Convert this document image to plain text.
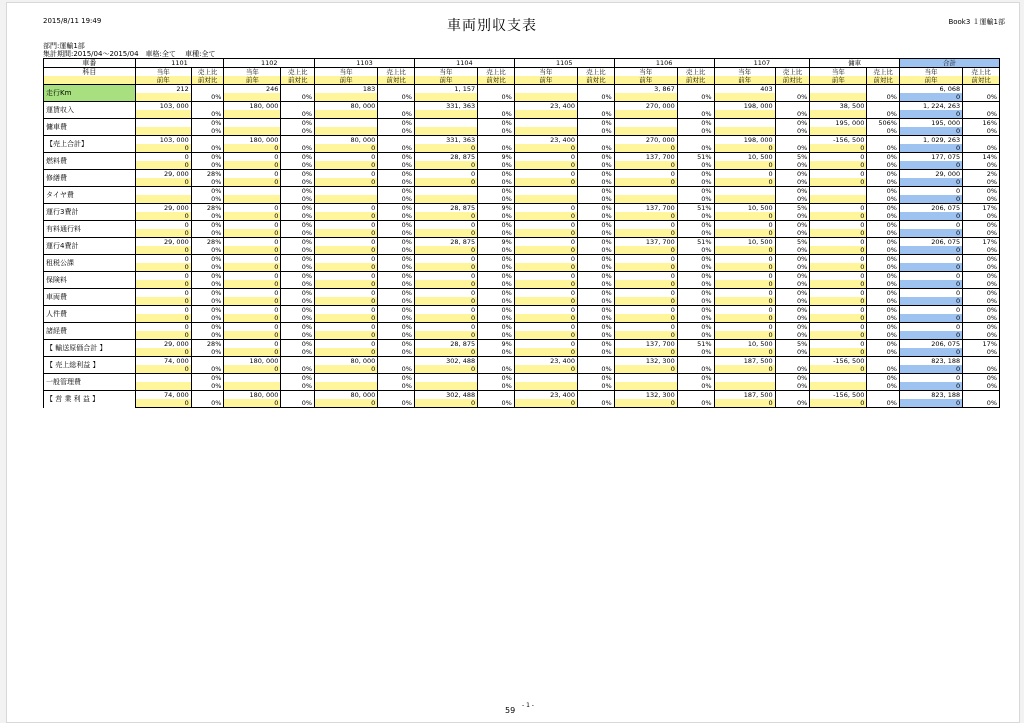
2015/8/11 19:49	車両別収支表	Book3 １運輸1部
部門:運輸1部
集計期間:2015/04～2015/04　車格:全て　 車種:全て
車番	1101		1102		1103		1104		1105		1106		1107		傭車		合計	
科目	当年	売上比	当年	売上比	当年	売上比	当年	売上比	当年	売上比	当年	売上比	当年	売上比	当年	売上比	当年	売上比
	前年	前対比	前年	前対比	前年	前対比	前年	前対比	前年	前対比	前年	前対比	前年	前対比	前年	前対比	前年	前対比
走行Km	212		246		183		1, 157				3, 867		403				6, 068	
		0%		0%		0%		0%		0%		0%		0%		0%	0	0%
運賃収入	103, 000		180, 000		80, 000		331, 363		23, 400		270, 000		198, 000		38, 500		1, 224, 263	
		0%		0%		0%		0%		0%		0%		0%		0%	0	0%
傭車費		0%		0%		0%		0%		0%		0%		0%	195, 000	506%	195, 000	16%
		0%		0%		0%		0%		0%		0%		0%		0%	0	0%
【売上合計】	103, 000		180, 000		80, 000		331, 363		23, 400		270, 000		198, 000		-156, 500		1, 029, 263	
	0	0%	0	0%	0	0%	0	0%	0	0%	0	0%	0	0%	0	0%	0	0%
燃料費	0	0%	0	0%	0	0%	28, 875	9%	0	0%	137, 700	51%	10, 500	5%	0	0%	177, 075	14%
	0	0%	0	0%	0	0%	0	0%	0	0%	0	0%	0	0%	0	0%	0	0%
修繕費	29, 000	28%	0	0%	0	0%	0	0%	0	0%	0	0%	0	0%	0	0%	29, 000	2%
	0	0%	0	0%	0	0%	0	0%	0	0%	0	0%	0	0%	0	0%	0	0%
タイヤ費		0%		0%		0%		0%		0%		0%		0%		0%	0	0%
		0%		0%		0%		0%		0%		0%		0%		0%	0	0%
運行3費計	29, 000	28%	0	0%	0	0%	28, 875	9%	0	0%	137, 700	51%	10, 500	5%	0	0%	206, 075	17%
	0	0%	0	0%	0	0%	0	0%	0	0%	0	0%	0	0%	0	0%	0	0%
有料通行料	0	0%	0	0%	0	0%	0	0%	0	0%	0	0%	0	0%	0	0%	0	0%
	0	0%	0	0%	0	0%	0	0%	0	0%	0	0%	0	0%	0	0%	0	0%
運行4費計	29, 000	28%	0	0%	0	0%	28, 875	9%	0	0%	137, 700	51%	10, 500	5%	0	0%	206, 075	17%
	0	0%	0	0%	0	0%	0	0%	0	0%	0	0%	0	0%	0	0%	0	0%
租税公課	0	0%	0	0%	0	0%	0	0%	0	0%	0	0%	0	0%	0	0%	0	0%
	0	0%	0	0%	0	0%	0	0%	0	0%	0	0%	0	0%	0	0%	0	0%
保険料	0	0%	0	0%	0	0%	0	0%	0	0%	0	0%	0	0%	0	0%	0	0%
	0	0%	0	0%	0	0%	0	0%	0	0%	0	0%	0	0%	0	0%	0	0%
車両費	0	0%	0	0%	0	0%	0	0%	0	0%	0	0%	0	0%	0	0%	0	0%
	0	0%	0	0%	0	0%	0	0%	0	0%	0	0%	0	0%	0	0%	0	0%
人件費	0	0%	0	0%	0	0%	0	0%	0	0%	0	0%	0	0%	0	0%	0	0%
	0	0%	0	0%	0	0%	0	0%	0	0%	0	0%	0	0%	0	0%	0	0%
諸経費	0	0%	0	0%	0	0%	0	0%	0	0%	0	0%	0	0%	0	0%	0	0%
	0	0%	0	0%	0	0%	0	0%	0	0%	0	0%	0	0%	0	0%	0	0%
【 輸送原価合計 】	29, 000	28%	0	0%	0	0%	28, 875	9%	0	0%	137, 700	51%	10, 500	5%	0	0%	206, 075	17%
	0	0%	0	0%	0	0%	0	0%	0	0%	0	0%	0	0%	0	0%	0	0%
【 売上総利益 】	74, 000		180, 000		80, 000		302, 488		23, 400		132, 300		187, 500		-156, 500		823, 188	
	0	0%	0	0%	0	0%	0	0%	0	0%	0	0%	0	0%	0	0%	0	0%
一般管理費		0%		0%		0%		0%		0%		0%		0%		0%	0	0%
		0%		0%		0%		0%		0%		0%		0%		0%	0	0%
【 営 業 利 益 】	74, 000		180, 000		80, 000		302, 488		23, 400		132, 300		187, 500		-156, 500		823, 188	
	0	0%	0	0%	0	0%	0	0%	0	0%	0	0%	0	0%	0	0%	0	0%
59
- 1 -
